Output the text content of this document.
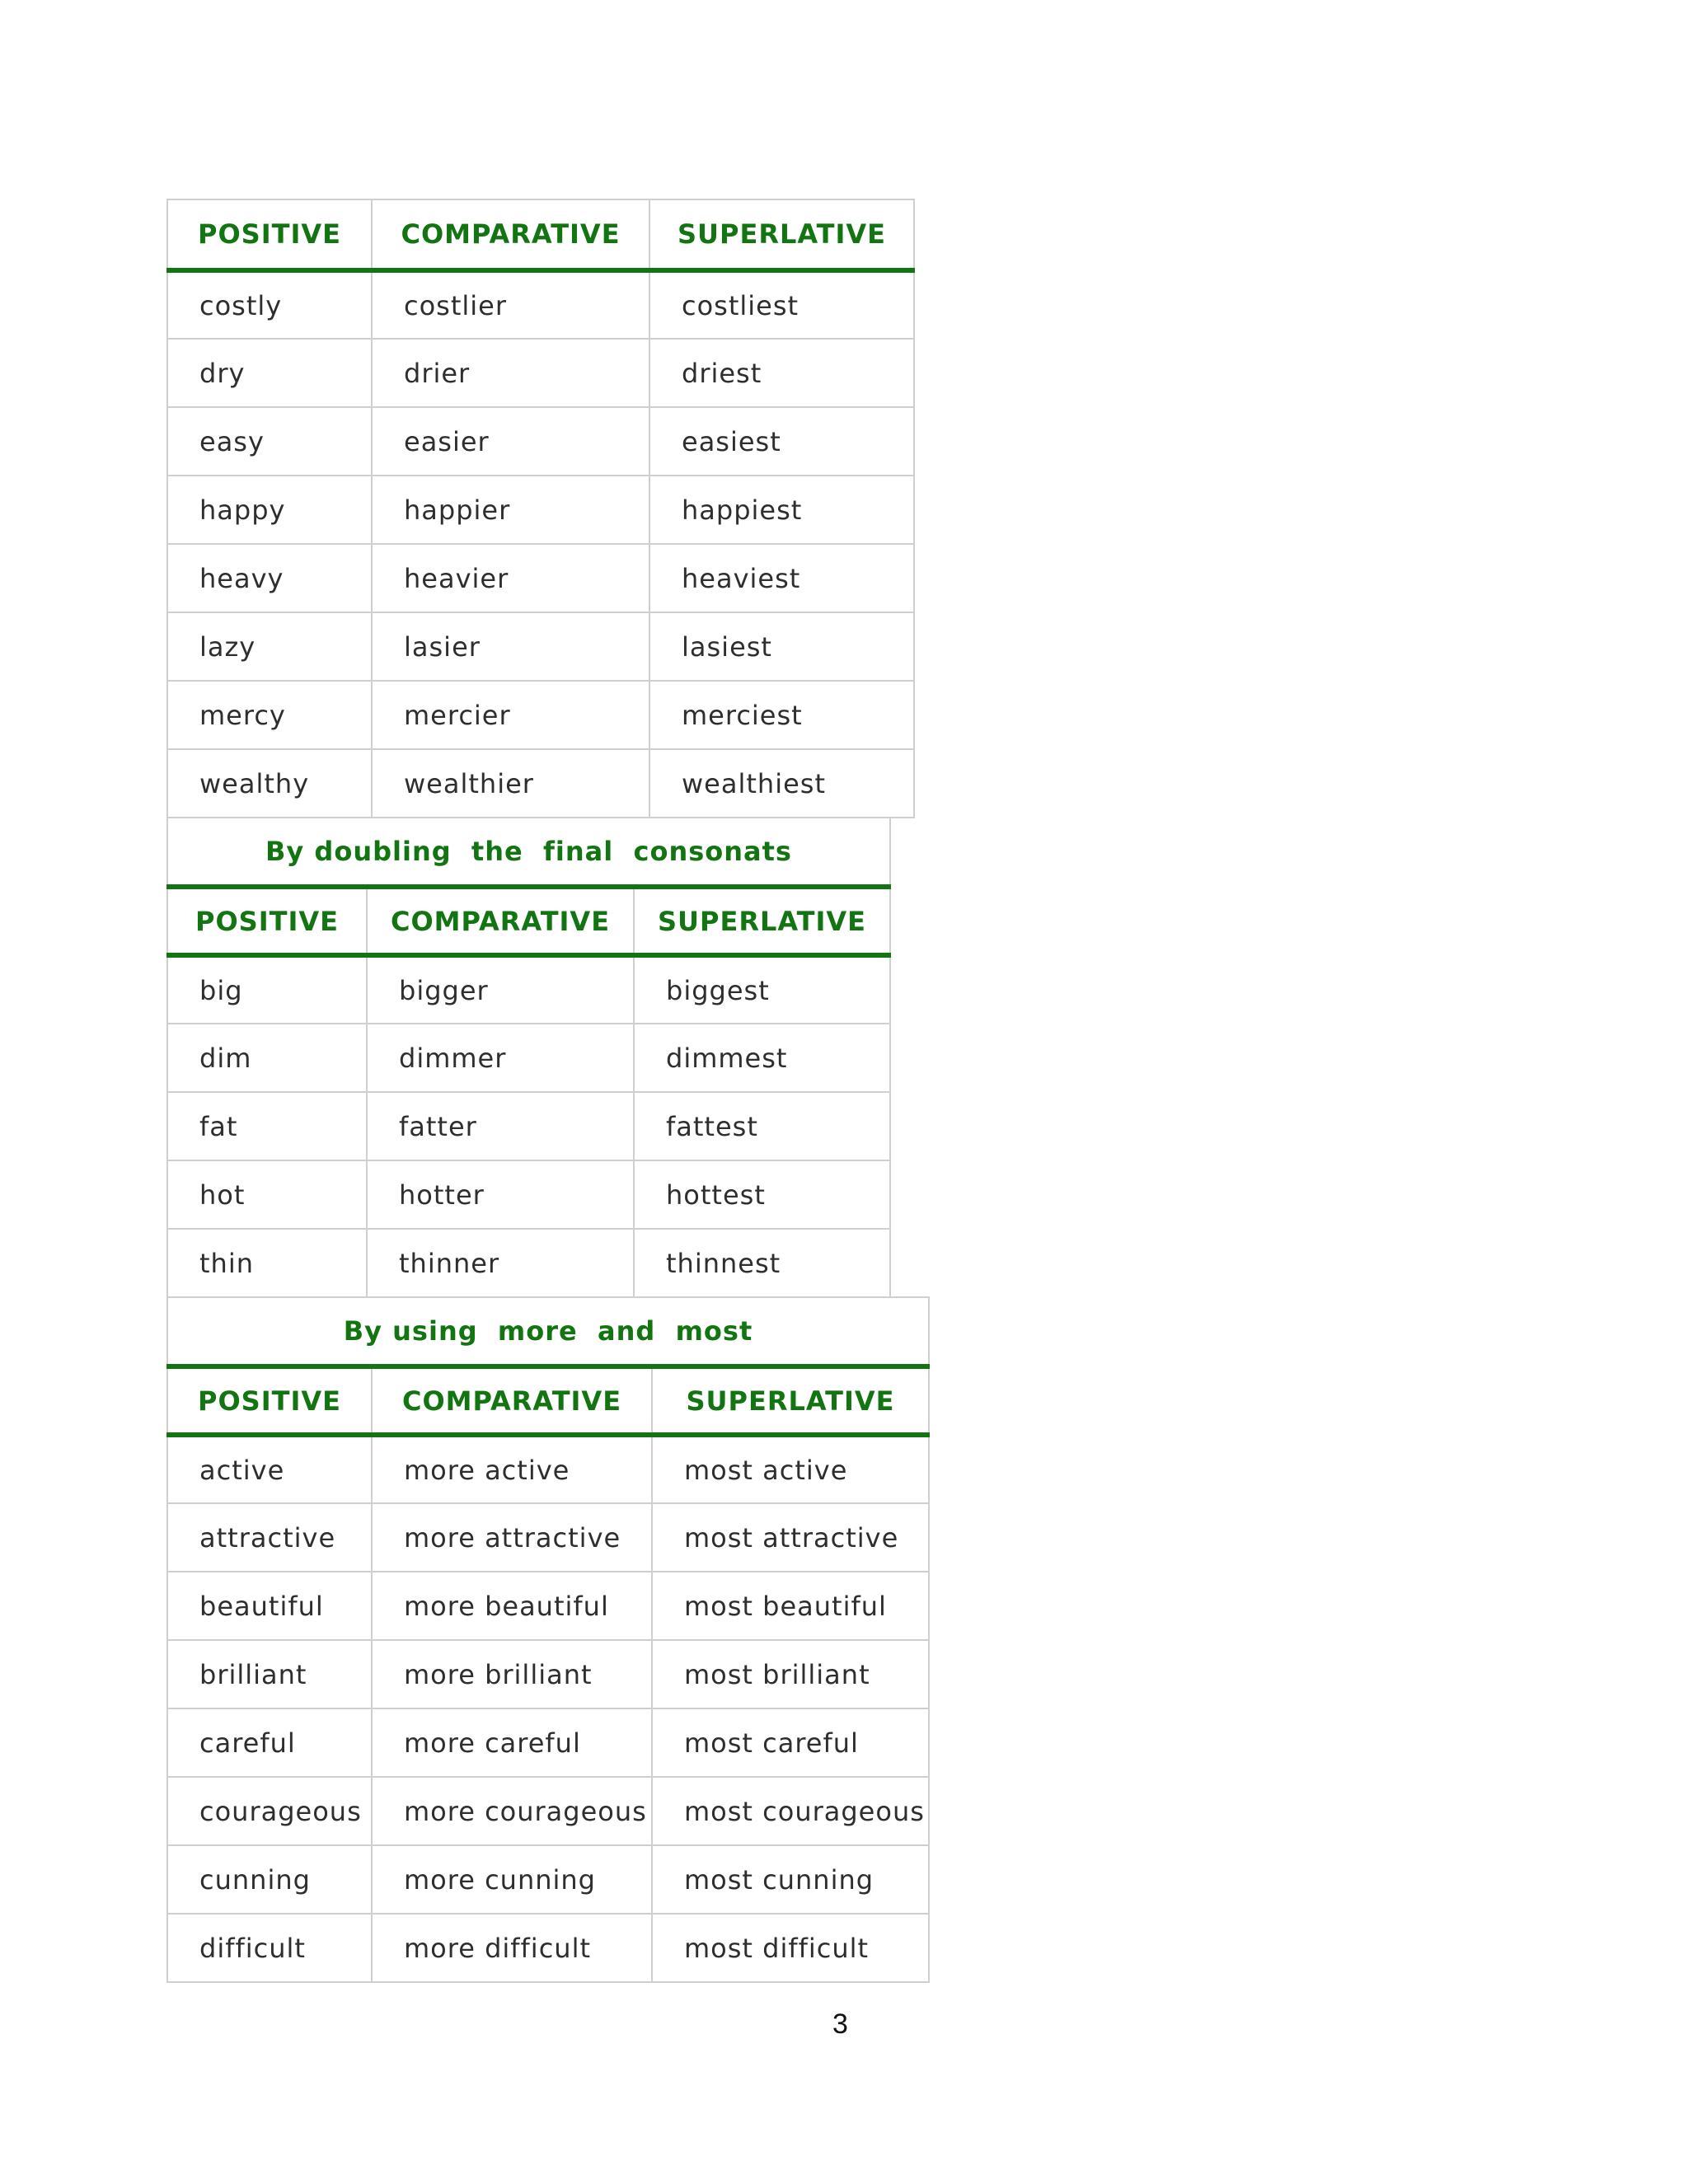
POSITIVE	COMPARATIVE	SUPERLATIVE
costly	costlier	costliest
dry	drier	driest
easy	easier	easiest
happy	happier	happiest
heavy	heavier	heaviest
lazy	lasier	lasiest
mercy	mercier	merciest
wealthy	wealthier	wealthiest
By doubling  the  final  consonats		
POSITIVE	COMPARATIVE	SUPERLATIVE
big	bigger	biggest
dim	dimmer	dimmest
fat	fatter	fattest
hot	hotter	hottest
thin	thinner	thinnest
By using  more  and  most		
POSITIVE	COMPARATIVE	SUPERLATIVE
active	more active	most active
attractive	more attractive	most attractive
beautiful	more beautiful	most beautiful
brilliant	more brilliant	most brilliant
careful	more careful	most careful
courageous	more courageous	most courageous
cunning	more cunning	most cunning
difficult	more difficult	most difficult
3
